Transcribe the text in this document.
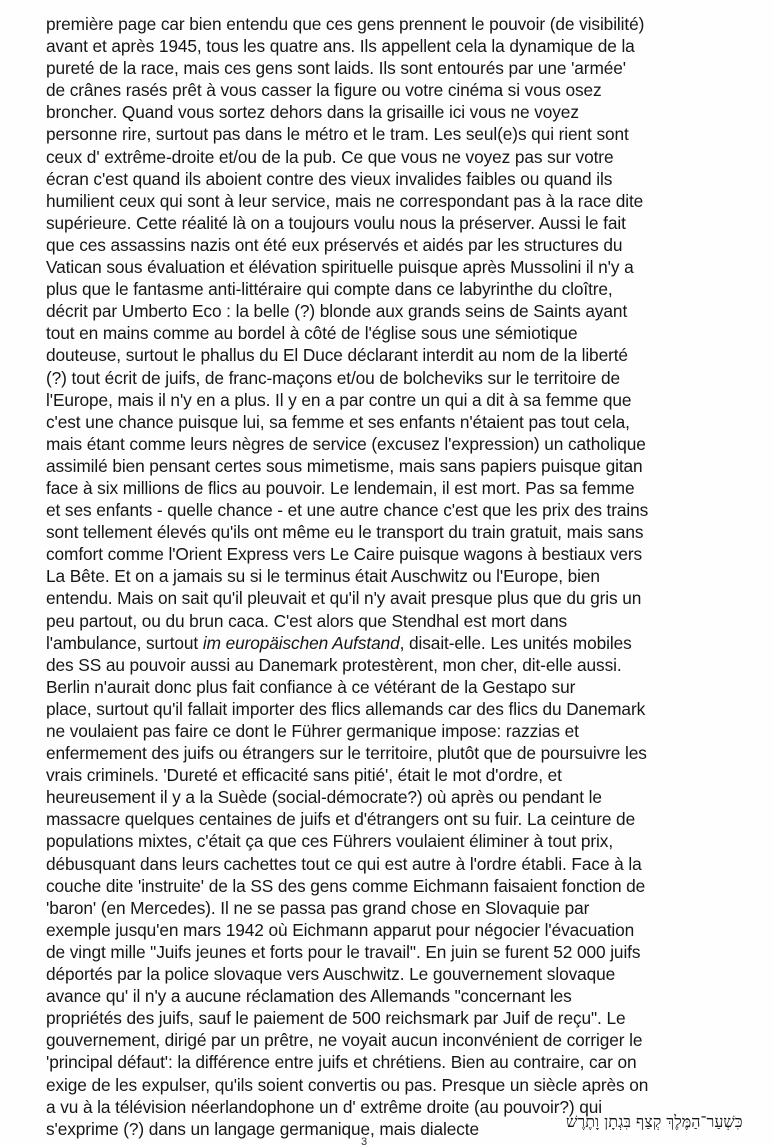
première page car bien entendu que ces gens prennent le pouvoir (de visibilité)
avant et après 1945, tous les quatre ans. Ils appellent cela la dynamique de la
pureté de la race, mais ces gens sont laids. Ils sont entourés par une 'armée'
de crânes rasés prêt à vous casser la figure ou votre cinéma si vous osez
broncher. Quand vous sortez dehors dans la grisaille ici vous ne voyez
personne rire, surtout pas dans le métro et le tram. Les seul(e)s qui rient sont
ceux d' extrême-droite et/ou de la pub. Ce que vous ne voyez pas sur votre
écran c'est quand ils aboient contre des vieux invalides faibles ou quand ils
humilient ceux qui sont à leur service, mais ne correspondant pas à la race dite
supérieure. Cette réalité là on a toujours voulu nous la préserver. Aussi le fait
que ces assassins nazis ont été eux préservés et aidés par les structures du
Vatican sous évaluation et élévation spirituelle puisque après Mussolini il n'y a
plus que le fantasme anti-littéraire qui compte dans ce labyrinthe du cloître,
décrit par Umberto Eco : la belle (?) blonde aux grands seins de Saints ayant
tout en mains comme au bordel à côté de l'église sous une sémiotique
douteuse, surtout le phallus du El Duce déclarant interdit au nom de la liberté
(?) tout écrit de juifs, de franc-maçons et/ou de bolcheviks sur le territoire de
l'Europe, mais il n'y en a plus. Il y en a par contre un qui a dit à sa femme que
c'est une chance puisque lui, sa femme et ses enfants n'étaient pas tout cela,
mais étant comme leurs nègres de service (excusez l'expression) un catholique
assimilé bien pensant certes sous mimetisme, mais sans papiers puisque gitan
face à six millions de flics au pouvoir. Le lendemain, il est mort. Pas sa femme
et ses enfants - quelle chance - et une autre chance c'est que les prix des trains
sont tellement élevés qu'ils ont même eu le transport du train gratuit, mais sans
comfort comme l'Orient Express vers Le Caire puisque wagons à bestiaux vers
La Bête. Et on a jamais su si le terminus était Auschwitz ou l'Europe, bien
entendu. Mais on sait qu'il pleuvait et qu'il n'y avait presque plus que du gris un
peu partout, ou du brun caca. C'est alors que Stendhal est mort dans
l'ambulance, surtout im europäischen Aufstand, disait-elle. Les unités mobiles
des SS au pouvoir aussi au Danemark protestèrent, mon cher, dit-elle aussi.
Berlin n'aurait donc plus fait confiance à ce vétérant de la Gestapo sur
place, surtout qu'il fallait importer des flics allemands car des flics du Danemark
ne voulaient pas faire ce dont le Führer germanique impose: razzias et
enfermement des juifs ou étrangers sur le territoire, plutôt que de poursuivre les
vrais criminels. 'Dureté et efficacité sans pitié', était le mot d'ordre, et
heureusement il y a la Suède (social-démocrate?) où après ou pendant le
massacre quelques centaines de juifs et d'étrangers ont su fuir. La ceinture de
populations mixtes, c'était ça que ces Führers voulaient éliminer à tout prix,
débusquant dans leurs cachettes tout ce qui est autre à l'ordre établi. Face à la
couche dite 'instruite' de la SS des gens comme Eichmann faisaient fonction de
'baron' (en Mercedes). Il ne se passa pas grand chose en Slovaquie par
exemple jusqu'en mars 1942 où Eichmann apparut pour négocier l'évacuation
de vingt mille "Juifs jeunes et forts pour le travail". En juin se furent 52 000 juifs
déportés par la police slovaque vers Auschwitz. Le gouvernement slovaque
avance qu' il n'y a aucune réclamation des Allemands "concernant les
propriétés des juifs, sauf le paiement de 500 reichsmark par Juif de reçu". Le
gouvernement, dirigé par un prêtre, ne voyait aucun inconvénient de corriger le
'principal défaut': la différence entre juifs et chrétiens. Bien au contraire, car on
exige de les expulser, qu'ils soient convertis ou pas. Presque un siècle après on
a vu à la télévision néerlandophone un d' extrême droite (au pouvoir?) qui
s'exprime (?) dans un langage germanique, mais dialecte	כִּשְׁעַר־הַמֶּלֶךְ קְצַף בִּגְתָן וָתֶרֶשׁ
3
